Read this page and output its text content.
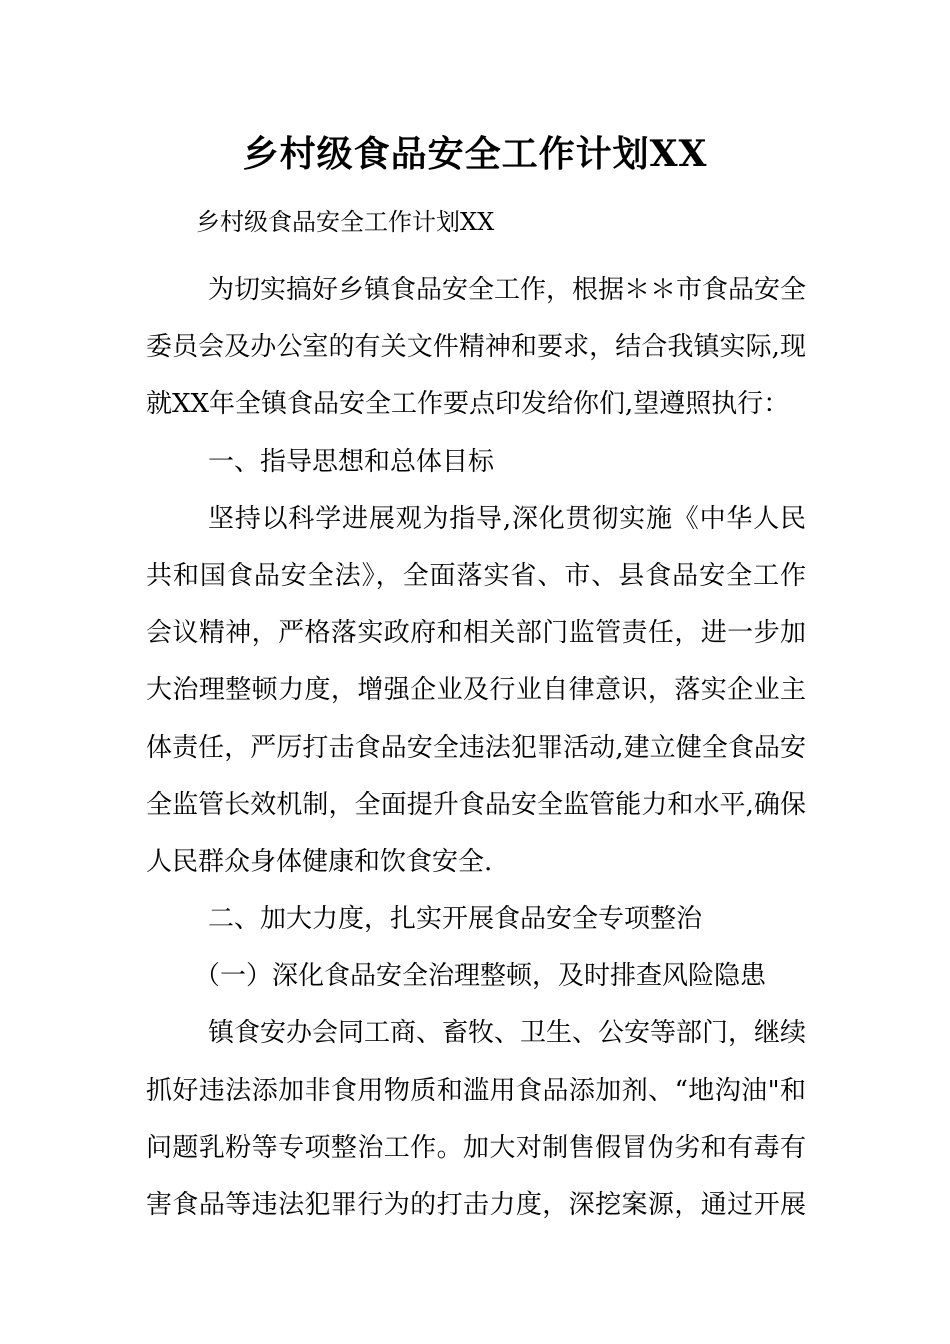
乡村级食品安全工作计划XX
乡村级食品安全工作计划XX
为切实搞好乡镇食品安全工作，根据＊＊市食品安全
委员会及办公室的有关文件精神和要求，结合我镇实际,现
就XX年全镇食品安全工作要点印发给你们,望遵照执行：
一、指导思想和总体目标
坚持以科学进展观为指导,深化贯彻实施《中华人民
共和国食品安全法》，全面落实省、市、县食品安全工作
会议精神，严格落实政府和相关部门监管责任，进一步加
大治理整顿力度，增强企业及行业自律意识，落实企业主
体责任，严厉打击食品安全违法犯罪活动,建立健全食品安
全监管长效机制，全面提升食品安全监管能力和水平,确保
人民群众身体健康和饮食安全.
二、加大力度，扎实开展食品安全专项整治
（一）深化食品安全治理整顿，及时排查风险隐患
镇食安办会同工商、畜牧、卫生、公安等部门，继续
抓好违法添加非食用物质和滥用食品添加剂、“地沟油"和
问题乳粉等专项整治工作。加大对制售假冒伪劣和有毒有
害食品等违法犯罪行为的打击力度，深挖案源，通过开展
